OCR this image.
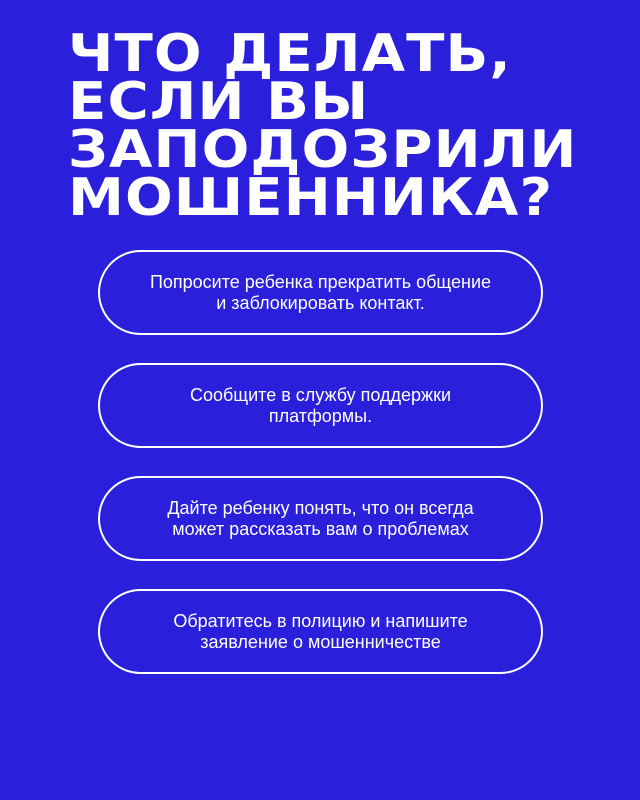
ЧТО ДЕЛАТЬ,
ЕСЛИ ВЫ
ЗАПОДОЗРИЛИ
МОШЕННИКА?
Попросите ребенка прекратить общение
и заблокировать контакт.
Сообщите в службу поддержки
платформы.
Дайте ребенку понять, что он всегда
может рассказать вам о проблемах
Обратитесь в полицию и напишите
заявление о мошенничестве
